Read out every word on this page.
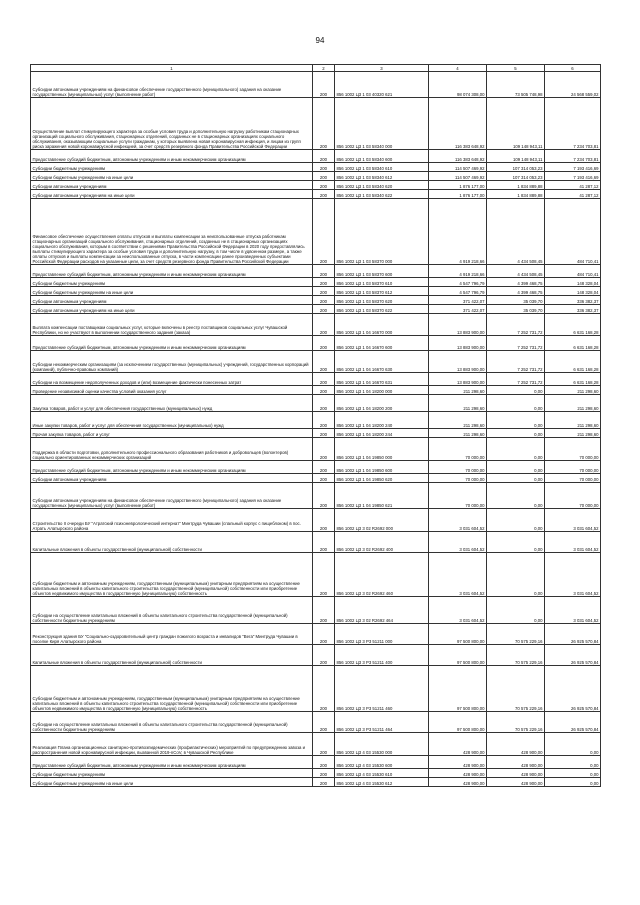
94
1	2	3	4	5	6
Субсидии автономным учреждениям на финансовое обеспечение государственного (муниципального) задания на оказание государственных (муниципальных) услуг (выполнение работ)	200	856 1002 Ц3 1 03 40320 621	98 074 308,00	73 505 748,98	24 568 559,02
Осуществление выплат стимулирующего характера за особые условия труда и дополнительную нагрузку работникам стационарных организаций социального обслуживания, стационарных отделений, созданных не в стационарных организациях социального обслуживания, оказывающим социальные услуги гражданам, у которых выявлена новая коронавирусная инфекция, и лицам из групп риска заражения новой коронавирусной инфекцией, за счет средств резервного фонда Правительства Российской Федерации	200	856 1002 Ц3 1 03 58340 000	116 383 648,92	109 148 943,11	7 234 703,81
Предоставление субсидий бюджетным, автономным учреждениям и иным некоммерческим организациям	200	856 1002 Ц3 1 03 58340 600	116 383 648,92	109 148 943,11	7 234 703,81
Субсидии бюджетным учреждениям	200	856 1002 Ц3 1 03 58340 610	114 507 469,92	107 314 053,23	7 193 416,69
Субсидии бюджетным учреждениям на иные цели	200	856 1002 Ц3 1 03 58340 612	114 507 469,92	107 314 053,23	7 193 416,69
Субсидии автономным учреждениям	200	856 1002 Ц3 1 03 58340 620	1 876 177,00	1 834 889,88	41 287,12
Субсидии автономным учреждениям на иные цели	200	856 1002 Ц3 1 03 58340 622	1 876 177,00	1 834 889,88	41 287,12
Финансовое обеспечение осуществления оплаты отпусков и выплаты компенсации за неиспользованные отпуска работникам стационарных организаций социального обслуживания, стационарных отделений, созданных не в стационарных организациях социального обслуживания, которым в соответствии с решениями Правительства Российской Федерации в 2020 году предоставлялись выплаты стимулирующего характера за особые условия труда и дополнительную нагрузку, в том числе в удвоенном размере, а также оплаты отпусков и выплаты компенсации за неиспользованные отпуска, в части компенсации ранее произведенных субъектами Российской Федерации расходов на указанные цели, за счет средств резервного фонда Правительства Российской Федерации	200	856 1002 Ц3 1 03 58370 000	4 919 218,66	4 434 508,45	484 710,41
Предоставление субсидий бюджетным, автономным учреждениям и иным некоммерческим организациям	200	856 1002 Ц3 1 03 58370 600	4 919 218,66	4 434 508,45	484 710,41
Субсидии бюджетным учреждениям	200	856 1002 Ц3 1 03 58370 610	4 547 796,79	4 399 468,75	148 328,04
Субсидии бюджетным учреждениям на иные цели	200	856 1002 Ц3 1 03 58370 612	4 547 796,79	4 399 468,75	148 328,04
Субсидии автономным учреждениям	200	856 1002 Ц3 1 03 58370 620	371 422,07	35 039,70	336 382,37
Субсидии автономным учреждениям на иные цели	200	856 1002 Ц3 1 03 58370 622	371 422,07	35 039,70	336 382,37
Выплата компенсации поставщикам социальных услуг, которые включены в реестр поставщиков социальных услуг Чувашской Республики, но не участвуют в выполнении государственного задания (заказа)	200	856 1002 Ц3 1 04 16670 000	13 883 900,00	7 252 731,72	6 631 168,28
Предоставление субсидий бюджетным, автономным учреждениям и иным некоммерческим организациям	200	856 1002 Ц3 1 04 16670 600	13 883 900,00	7 252 731,72	6 631 168,28
Субсидии некоммерческим организациям (за исключением государственных (муниципальных) учреждений, государственных корпораций (компаний), публично-правовых компаний)	200	856 1002 Ц3 1 04 16670 630	13 883 900,00	7 252 731,72	6 631 168,28
Субсидии на возмещение недополученных доходов и (или) возмещение фактически понесенных затрат	200	856 1002 Ц3 1 04 16670 631	13 883 900,00	7 252 731,72	6 631 168,28
Проведение независимой оценки качества условий оказания услуг	200	856 1002 Ц3 1 04 18200 000	211 298,60	0,00	211 298,60
Закупка товаров, работ и услуг для обеспечения государственных (муниципальных) нужд	200	856 1002 Ц3 1 04 18200 200	211 298,60	0,00	211 298,60
Иные закупки товаров, работ и услуг для обеспечения государственных (муниципальных) нужд	200	856 1002 Ц3 1 04 18200 240	211 298,60	0,00	211 298,60
Прочая закупка товаров, работ и услуг	200	856 1002 Ц3 1 04 18200 244	211 298,60	0,00	211 298,60
Поддержка в области подготовки, дополнительного профессионального образования работников и добровольцев (волонтеров) социально ориентированных некоммерческих организаций	200	856 1002 Ц3 1 04 19850 000	70 000,00	0,00	70 000,00
Предоставление субсидий бюджетным, автономным учреждениям и иным некоммерческим организациям	200	856 1002 Ц3 1 04 19850 600	70 000,00	0,00	70 000,00
Субсидии автономным учреждениям	200	856 1002 Ц3 1 04 19850 620	70 000,00	0,00	70 000,00
Субсидии автономным учреждениям на финансовое обеспечение государственного (муниципального) задания на оказание государственных (муниципальных) услуг (выполнение работ)	200	856 1002 Ц3 1 04 19850 621	70 000,00	0,00	70 000,00
Строительство II очереди БУ "Атратский психоневрологический интернат" Минтруда Чувашии (спальный корпус с пищеблоком) в пос. Атрать Алатырского района	200	856 1002 Ц3 3 02 R2692 000	3 031 604,52	0,00	3 031 604,52
Капитальные вложения в объекты государственной (муниципальной) собственности	200	856 1002 Ц3 3 02 R2692 400	3 031 604,52	0,00	3 031 604,52
Субсидии бюджетным и автономным учреждениям, государственным (муниципальным) унитарным предприятиям на осуществление капитальных вложений в объекты капитального строительства государственной (муниципальной) собственности или приобретение объектов недвижимого имущества в государственную (муниципальную) собственность	200	856 1002 Ц3 3 02 R2692 460	3 031 604,52	0,00	3 031 604,52
Субсидии на осуществление капитальных вложений в объекты капитального строительства государственной (муниципальной) собственности бюджетным учреждениям	200	856 1002 Ц3 3 02 R2692 464	3 031 604,52	0,00	3 031 604,52
Реконструкция здания БУ "Социально-оздоровительный центр граждан пожилого возраста и инвалидов "Вега" Минтруда Чувашии в поселке Киря Алатырского района	200	856 1002 Ц3 3 P3 51211 000	97 500 800,00	70 575 229,16	26 925 570,84
Капитальные вложения в объекты государственной (муниципальной) собственности	200	856 1002 Ц3 3 P3 51211 400	97 500 800,00	70 575 229,16	26 925 570,84
Субсидии бюджетным и автономным учреждениям, государственным (муниципальным) унитарным предприятиям на осуществление капитальных вложений в объекты капитального строительства государственной (муниципальной) собственности или приобретение объектов недвижимого имущества в государственную (муниципальную) собственность	200	856 1002 Ц3 3 P3 51211 460	97 500 800,00	70 575 229,16	26 925 570,84
Субсидии на осуществление капитальных вложений в объекты капитального строительства государственной (муниципальной) собственности бюджетным учреждениям	200	856 1002 Ц3 3 P3 51211 464	97 500 800,00	70 575 229,16	26 925 570,84
Реализация Плана организационных санитарно-противоэпидемических (профилактических) мероприятий по предупреждению завоза и распространения новой коронавирусной инфекции, вызванной 2019-nCoV, в Чувашской Республике	200	856 1002 Ц3 4 03 15530 000	428 900,00	428 900,00	0,00
Предоставление субсидий бюджетным, автономным учреждениям и иным некоммерческим организациям	200	856 1002 Ц3 4 03 15530 600	428 900,00	428 900,00	0,00
Субсидии бюджетным учреждениям	200	856 1002 Ц3 4 03 15530 610	428 900,00	428 900,00	0,00
Субсидии бюджетным учреждениям на иные цели	200	856 1002 Ц3 4 03 15530 612	428 900,00	428 900,00	0,00
